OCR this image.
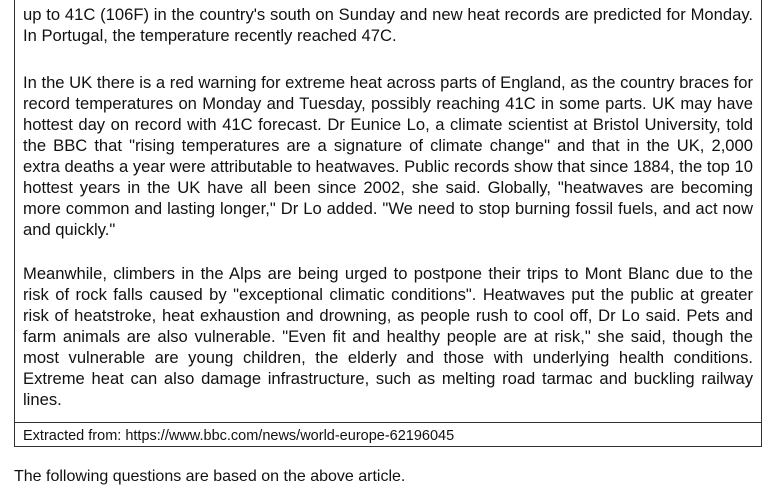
up to 41C (106F) in the country's south on Sunday and new heat records are predicted for Monday. In Portugal, the temperature recently reached 47C.

In the UK there is a red warning for extreme heat across parts of England, as the country braces for record temperatures on Monday and Tuesday, possibly reaching 41C in some parts. UK may have hottest day on record with 41C forecast. Dr Eunice Lo, a climate scientist at Bristol University, told the BBC that "rising temperatures are a signature of climate change" and that in the UK, 2,000 extra deaths a year were attributable to heatwaves. Public records show that since 1884, the top 10 hottest years in the UK have all been since 2002, she said. Globally, "heatwaves are becoming more common and lasting longer," Dr Lo added. "We need to stop burning fossil fuels, and act now and quickly."

Meanwhile, climbers in the Alps are being urged to postpone their trips to Mont Blanc due to the risk of rock falls caused by "exceptional climatic conditions". Heatwaves put the public at greater risk of heatstroke, heat exhaustion and drowning, as people rush to cool off, Dr Lo said. Pets and farm animals are also vulnerable. "Even fit and healthy people are at risk," she said, though the most vulnerable are young children, the elderly and those with underlying health conditions. Extreme heat can also damage infrastructure, such as melting road tarmac and buckling railway lines.

Extracted from: https://www.bbc.com/news/world-europe-62196045

The following questions are based on the above article.
